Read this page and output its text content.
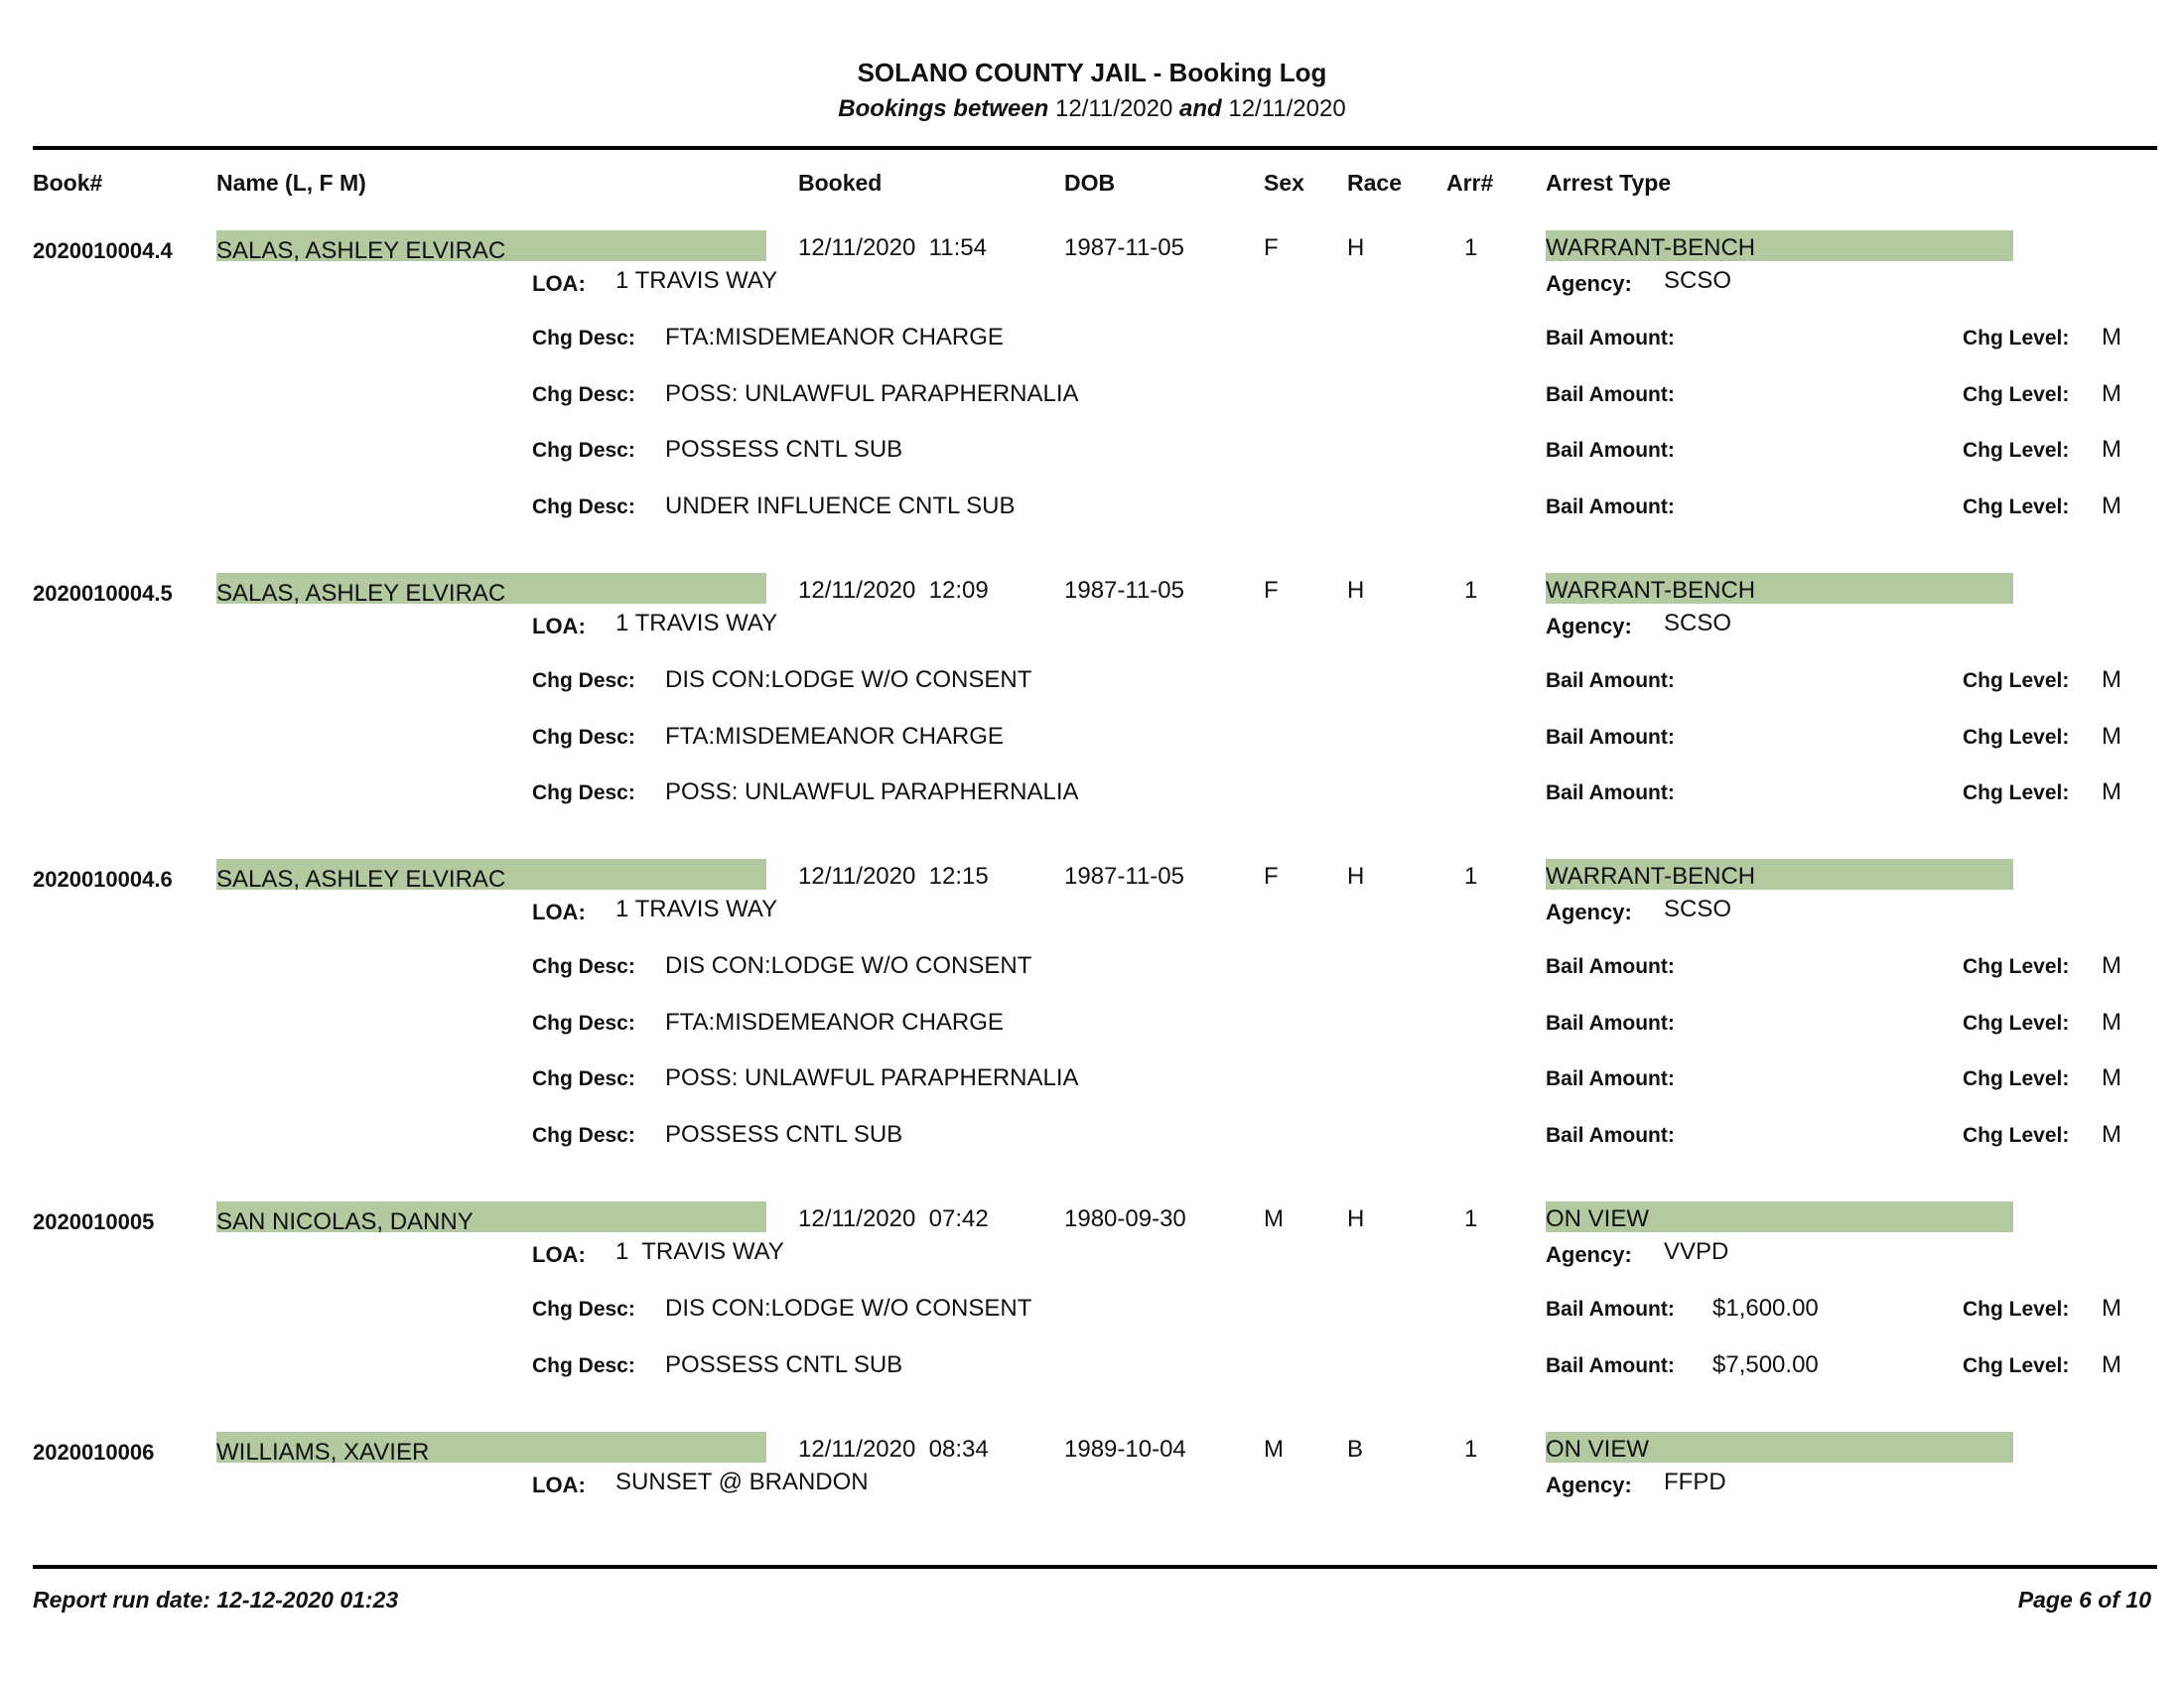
SOLANO COUNTY JAIL - Booking Log
Bookings between 12/11/2020 and 12/11/2020
Book#	Name (L, F M)	Booked	DOB	Sex Race Arr# Arrest Type
2020010004.4 SALAS, ASHLEY ELVIRAC	12/11/2020  11:54	1987-11-05	F	H	1	WARRANT-BENCH
LOA: 1 TRAVIS WAY	Agency: SCSO
Chg Desc: FTA:MISDEMEANOR CHARGE	Bail Amount:	Chg Level: M
Chg Desc: POSS: UNLAWFUL PARAPHERNALIA	Bail Amount:	Chg Level: M
Chg Desc: POSSESS CNTL SUB	Bail Amount:	Chg Level: M
Chg Desc: UNDER INFLUENCE CNTL SUB	Bail Amount:	Chg Level: M
2020010004.5 SALAS, ASHLEY ELVIRAC	12/11/2020  12:09	1987-11-05	F	H	1	WARRANT-BENCH
LOA: 1 TRAVIS WAY	Agency: SCSO
Chg Desc: DIS CON:LODGE W/O CONSENT	Bail Amount:	Chg Level: M
Chg Desc: FTA:MISDEMEANOR CHARGE	Bail Amount:	Chg Level: M
Chg Desc: POSS: UNLAWFUL PARAPHERNALIA	Bail Amount:	Chg Level: M
2020010004.6 SALAS, ASHLEY ELVIRAC	12/11/2020  12:15	1987-11-05	F	H	1	WARRANT-BENCH
LOA: 1 TRAVIS WAY	Agency: SCSO
Chg Desc: DIS CON:LODGE W/O CONSENT	Bail Amount:	Chg Level: M
Chg Desc: FTA:MISDEMEANOR CHARGE	Bail Amount:	Chg Level: M
Chg Desc: POSS: UNLAWFUL PARAPHERNALIA	Bail Amount:	Chg Level: M
Chg Desc: POSSESS CNTL SUB	Bail Amount:	Chg Level: M
2020010005	SAN NICOLAS, DANNY	12/11/2020  07:42	1980-09-30	M	H	1	ON VIEW
LOA: 1  TRAVIS WAY	Agency: VVPD
Chg Desc: DIS CON:LODGE W/O CONSENT	Bail Amount: $1,600.00	Chg Level: M
Chg Desc: POSSESS CNTL SUB	Bail Amount: $7,500.00	Chg Level: M
2020010006	WILLIAMS, XAVIER	12/11/2020  08:34	1989-10-04	M	B	1	ON VIEW
LOA: SUNSET @ BRANDON	Agency: FFPD
Report run date: 12-12-2020 01:23	Page 6 of 10
